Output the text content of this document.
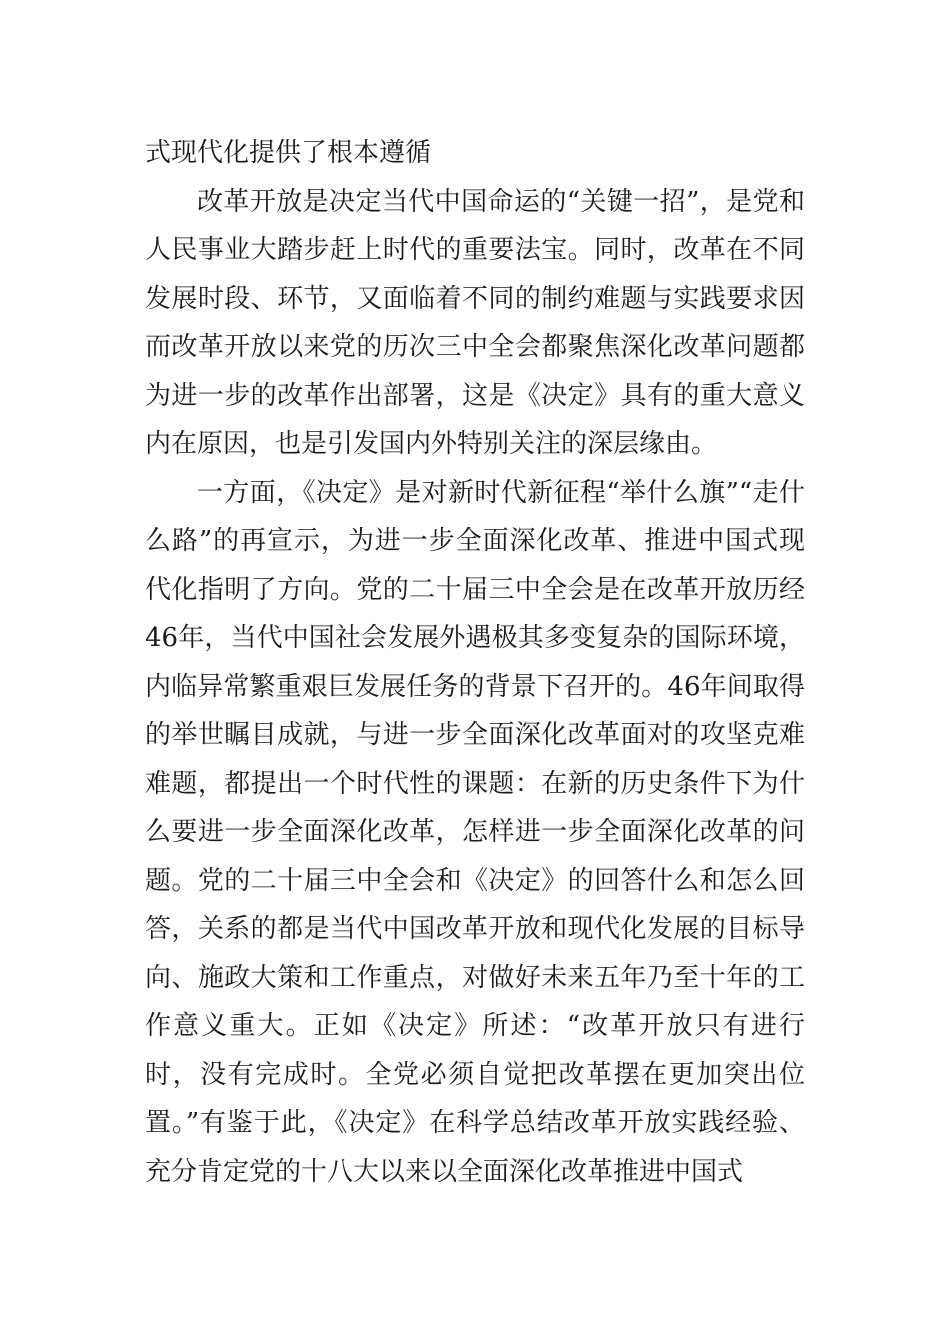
式现代化提供了根本遵循

改革开放是决定当代中国命运的“关键一招”，是党和人民事业大踏步赶上时代的重要法宝。同时，改革在不同发展时段、环节，又面临着不同的制约难题与实践要求因而改革开放以来党的历次三中全会都聚焦深化改革问题都为进一步的改革作出部署，这是《决定》具有的重大意义内在原因，也是引发国内外特别关注的深层缘由。

一方面，《决定》是对新时代新征程“举什么旗”“走什么路”的再宣示，为进一步全面深化改革、推进中国式现代化指明了方向。党的二十届三中全会是在改革开放历经46年，当代中国社会发展外遇极其多变复杂的国际环境，内临异常繁重艰巨发展任务的背景下召开的。46年间取得的举世瞩目成就，与进一步全面深化改革面对的攻坚克难难题，都提出一个时代性的课题：在新的历史条件下为什么要进一步全面深化改革，怎样进一步全面深化改革的问题。党的二十届三中全会和《决定》的回答什么和怎么回答，关系的都是当代中国改革开放和现代化发展的目标导向、施政大策和工作重点，对做好未来五年乃至十年的工作意义重大。正如《决定》所述：“改革开放只有进行时，没有完成时。全党必须自觉把改革摆在更加突出位置。”有鉴于此，《决定》在科学总结改革开放实践经验、充分肯定党的十八大以来以全面深化改革推进中国式
